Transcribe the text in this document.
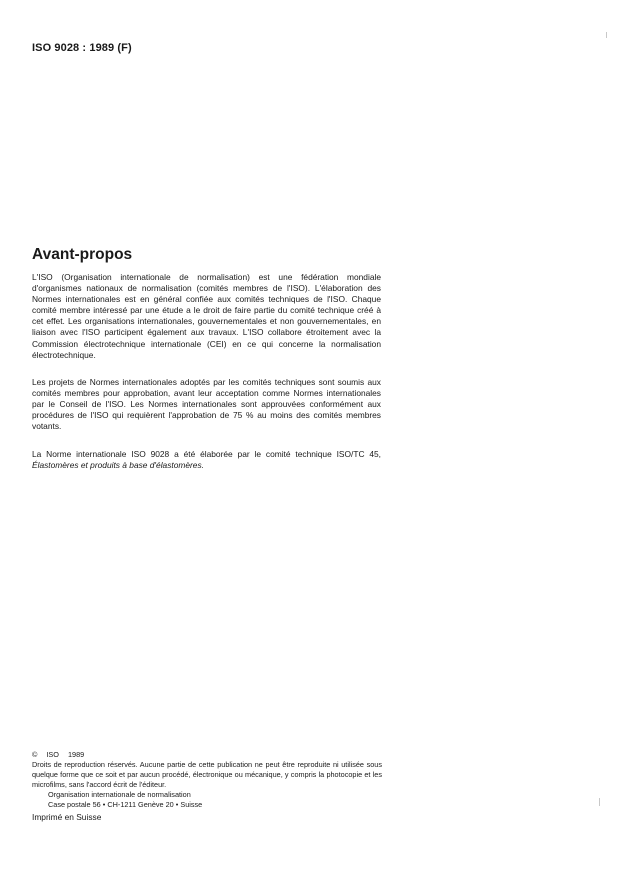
ISO 9028 : 1989 (F)
Avant-propos

L'ISO (Organisation internationale de normalisation) est une fédération mondiale d'organismes nationaux de normalisation (comités membres de l'ISO). L'élaboration des Normes internationales est en général confiée aux comités techniques de l'ISO. Chaque comité membre intéressé par une étude a le droit de faire partie du comité technique créé à cet effet. Les organisations internationales, gouvernementales et non gouvernementales, en liaison avec l'ISO participent également aux travaux. L'ISO collabore étroitement avec la Commission électrotechnique internationale (CEI) en ce qui concerne la normalisation électrotechnique.

Les projets de Normes internationales adoptés par les comités techniques sont soumis aux comités membres pour approbation, avant leur acceptation comme Normes internationales par le Conseil de l'ISO. Les Normes internationales sont approuvées conformément aux procédures de l'ISO qui requièrent l'approbation de 75 % au moins des comités membres votants.

La Norme internationale ISO 9028 a été élaborée par le comité technique ISO/TC 45, Élastomères et produits à base d'élastomères.

© ISO 1989
Droits de reproduction réservés. Aucune partie de cette publication ne peut être reproduite ni utilisée sous quelque forme que ce soit et par aucun procédé, électronique ou mécanique, y compris la photocopie et les microfilms, sans l'accord écrit de l'éditeur.
Organisation internationale de normalisation
Case postale 56 • CH-1211 Genève 20 • Suisse
Imprimé en Suisse
